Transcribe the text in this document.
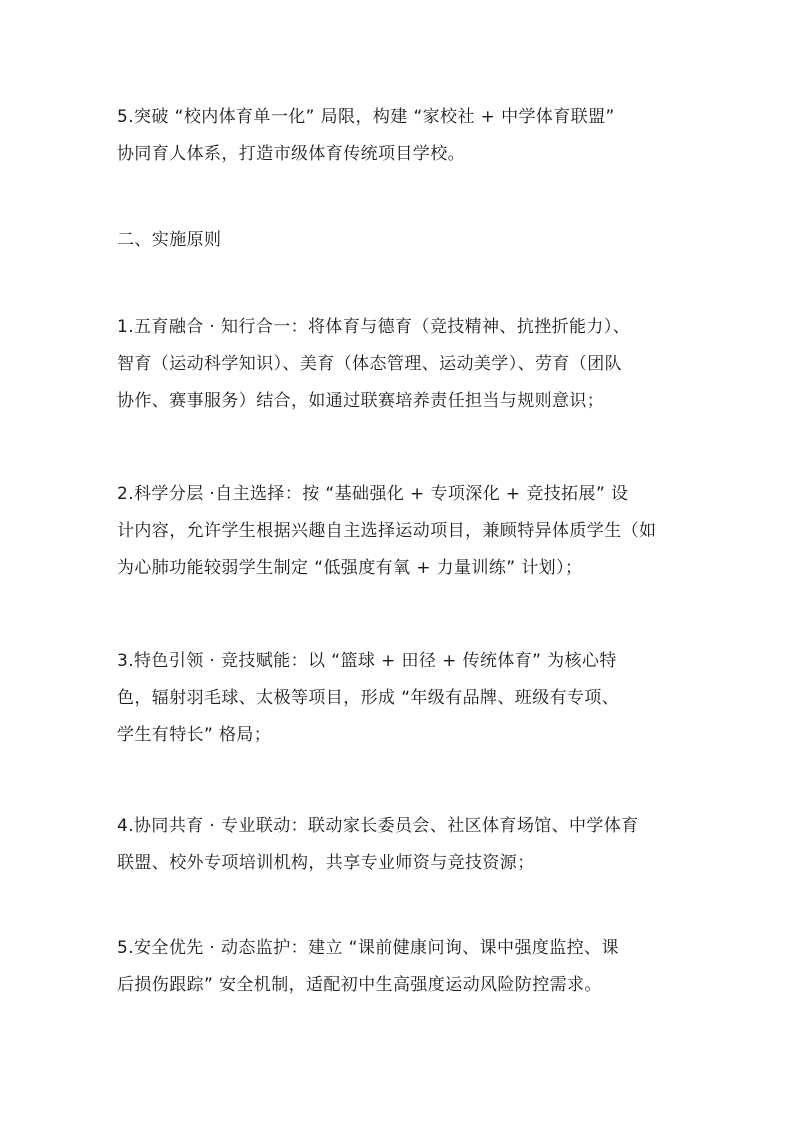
5.突破 “校内体育单一化” 局限，构建 “家校社 + 中学体育联盟”
协同育人体系，打造市级体育传统项目学校。

二、实施原则

1.五育融合 · 知行合一：将体育与德育（竞技精神、抗挫折能力）、
智育（运动科学知识）、美育（体态管理、运动美学）、劳育（团队
协作、赛事服务）结合，如通过联赛培养责任担当与规则意识；

2.科学分层 ·自主选择：按 “基础强化 + 专项深化 + 竞技拓展” 设
计内容，允许学生根据兴趣自主选择运动项目，兼顾特异体质学生（如
为心肺功能较弱学生制定 “低强度有氧 + 力量训练” 计划）；

3.特色引领 · 竞技赋能：以 “篮球 + 田径 + 传统体育” 为核心特
色，辐射羽毛球、太极等项目，形成 “年级有品牌、班级有专项、
学生有特长” 格局；

4.协同共育 · 专业联动：联动家长委员会、社区体育场馆、中学体育
联盟、校外专项培训机构，共享专业师资与竞技资源；

5.安全优先 · 动态监护：建立 “课前健康问询、课中强度监控、课
后损伤跟踪” 安全机制，适配初中生高强度运动风险防控需求。
